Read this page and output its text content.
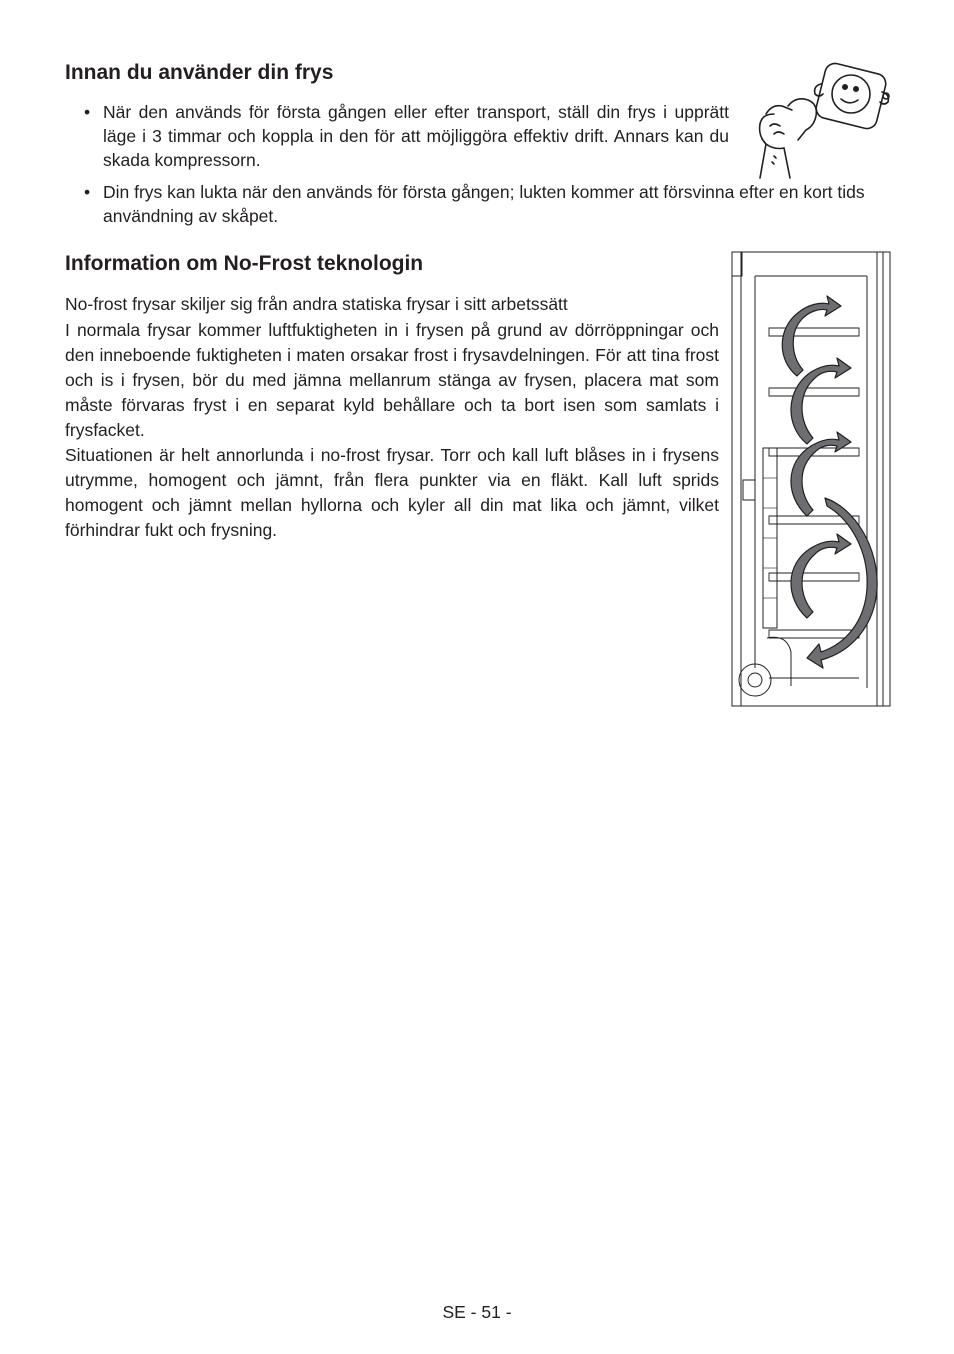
Innan du använder din frys
• När den används för första gången eller efter transport, ställ din frys i upprätt läge i 3 timmar och koppla in den för att möjliggöra effektiv drift. Annars kan du skada kompressorn.
• Din frys kan lukta när den används för första gången; lukten kommer att försvinna efter en kort tids användning av skåpet.
Information om No-Frost teknologin

No-frost frysar skiljer sig från andra statiska frysar i sitt arbetssätt

I normala frysar kommer luftfuktigheten in i frysen på grund av dörröppningar och den inneboende fuktigheten i maten orsakar frost i frysavdelningen. För att tina frost och is i frysen, bör du med jämna mellanrum stänga av frysen, placera mat som måste förvaras fryst i en separat kyld behållare och ta bort isen som samlats i frysfacket.

Situationen är helt annorlunda i no-frost frysar. Torr och kall luft blåses in i frysens utrymme, homogent och jämnt, från flera punkter via en fläkt. Kall luft sprids homogent och jämnt mellan hyllorna och kyler all din mat lika och jämnt, vilket förhindrar fukt och frysning.

SE - 51 -
